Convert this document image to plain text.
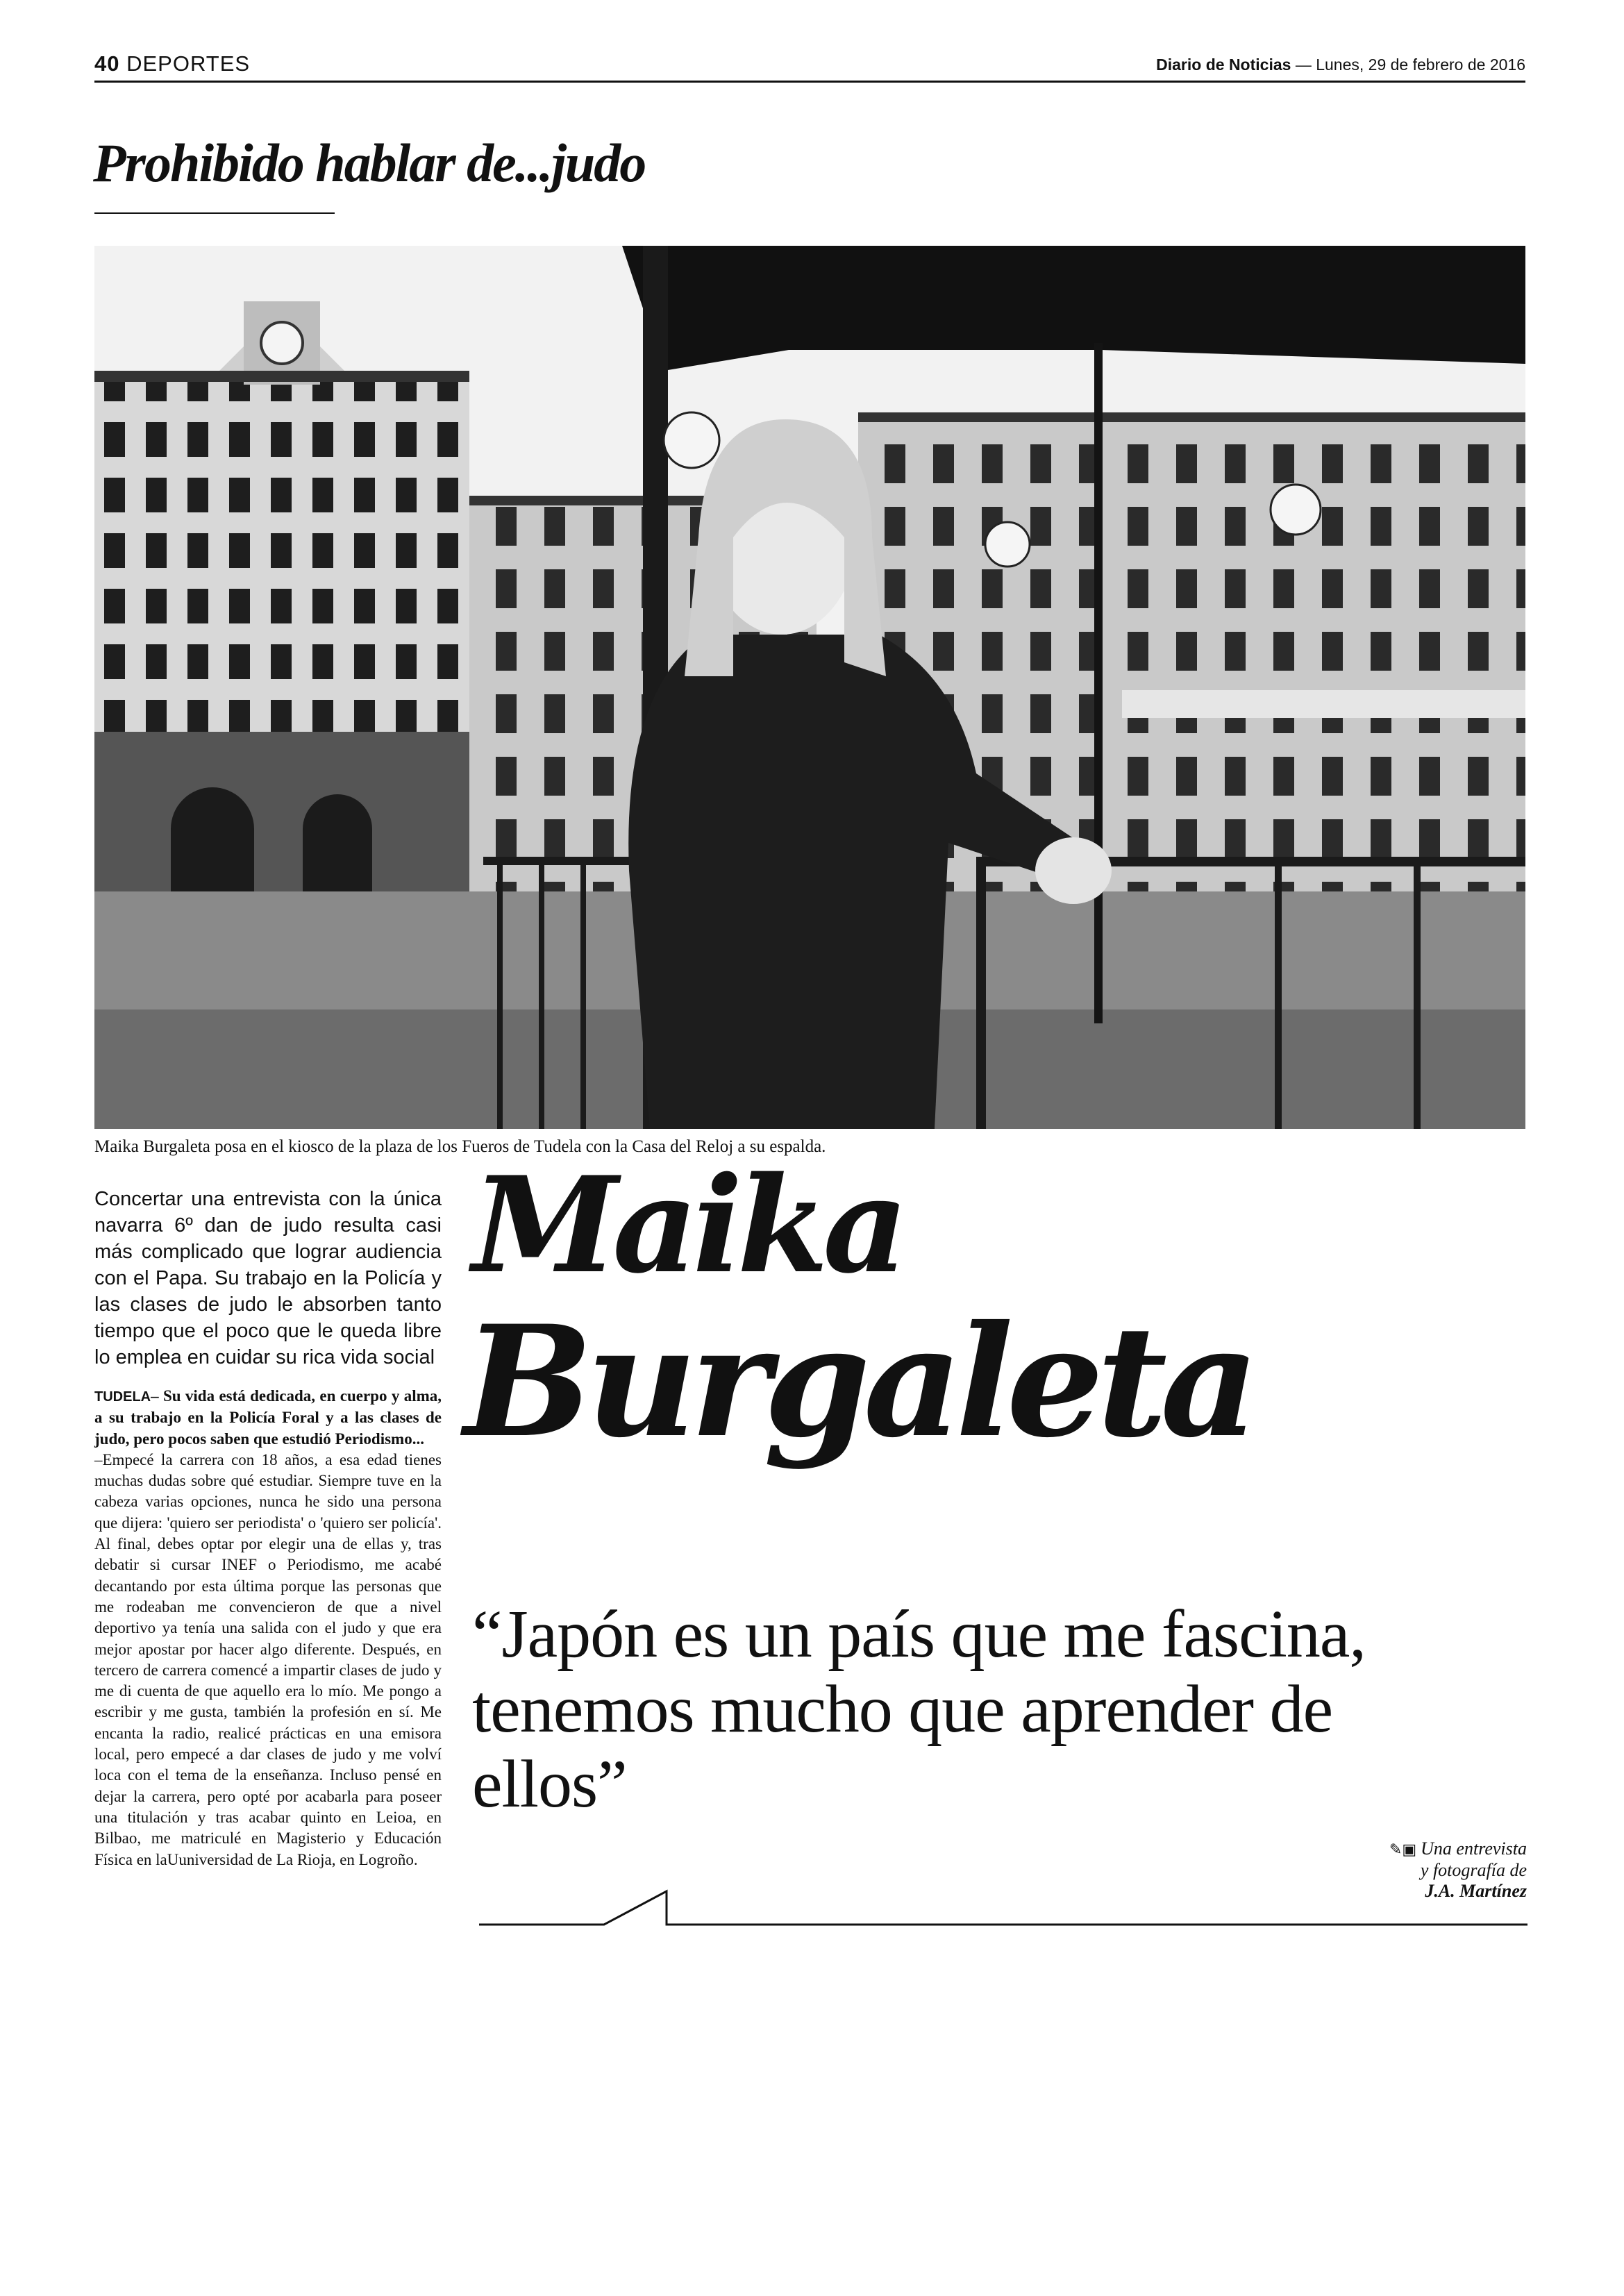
40 DEPORTES	Diario de Noticias — Lunes, 29 de febrero de 2016
Prohibido hablar de...judo
Maika Burgaleta posa en el kiosco de la plaza de los Fueros de Tudela con la Casa del Reloj a su espalda.
Concertar una entrevista con la única navarra 6º dan de judo resulta casi más complicado que lograr audiencia con el Papa. Su trabajo en la Policía y las clases de judo le absorben tanto tiempo que el poco que le queda libre lo emplea en cuidar su rica vida social

TUDELA– Su vida está dedicada, en cuerpo y alma, a su trabajo en la Policía Foral y a las clases de judo, pero pocos saben que estudió Periodismo...

–Empecé la carrera con 18 años, a esa edad tienes muchas dudas sobre qué estudiar. Siempre tuve en la cabeza varias opciones, nunca he sido una persona que dijera: 'quiero ser periodista' o 'quiero ser policía'. Al final, debes optar por elegir una de ellas y, tras debatir si cursar INEF o Periodismo, me acabé decantando por esta última porque las personas que me rodeaban me convencieron de que a nivel deportivo ya tenía una salida con el judo y que era mejor apostar por hacer algo diferente. Después, en tercero de carrera comencé a impartir clases de judo y me di cuenta de que aquello era lo mío. Me pongo a escribir y me gusta, también la profesión en sí. Me encanta la radio, realicé prácticas en una emisora local, pero empecé a dar clases de judo y me volví loca con el tema de la enseñanza. Incluso pensé en dejar la carrera, pero opté por acabarla para poseer una titulación y tras acabar quinto en Leioa, en Bilbao, me matriculé en Magisterio y Educación Física en laUuniversidad de La Rioja, en Logroño.

Maika
Burgaleta
“Japón es un país que me fascina, tenemos mucho que aprender de ellos”
✎▣ Una entrevista
y fotografía de
J.A. Martínez
